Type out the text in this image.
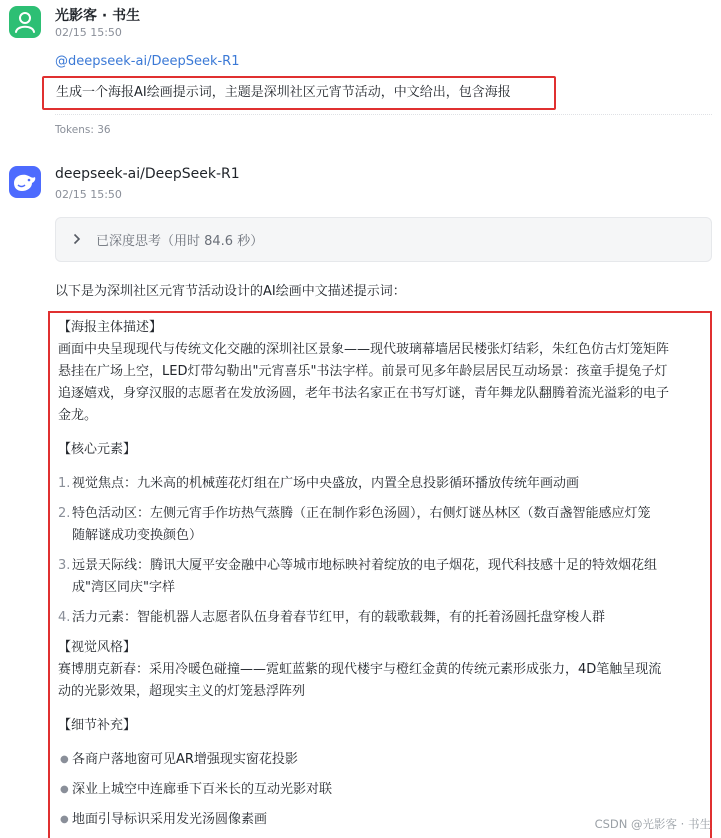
光影客 · 书生
02/15 15:50
@deepseek-ai/DeepSeek-R1
生成一个海报AI绘画提示词，主题是深圳社区元宵节活动，中文给出，包含海报
Tokens: 36
deepseek-ai/DeepSeek-R1
02/15 15:50
已深度思考（用时 84.6 秒）
以下是为深圳社区元宵节活动设计的AI绘画中文描述提示词：

【海报主体描述】

画面中央呈现现代与传统文化交融的深圳社区景象——现代玻璃幕墙居民楼张灯结彩，朱红色仿古灯笼矩阵

悬挂在广场上空，LED灯带勾勒出"元宵喜乐"书法字样。前景可见多年龄层居民互动场景：孩童手提兔子灯

追逐嬉戏，身穿汉服的志愿者在发放汤圆，老年书法名家正在书写灯谜，青年舞龙队翻腾着流光溢彩的电子

金龙。

【核心元素】

1. 视觉焦点：九米高的机械莲花灯组在广场中央盛放，内置全息投影循环播放传统年画动画

2. 特色活动区：左侧元宵手作坊热气蒸腾（正在制作彩色汤圆），右侧灯谜丛林区（数百盏智能感应灯笼

随解谜成功变换颜色）

3. 远景天际线：腾讯大厦平安金融中心等城市地标映衬着绽放的电子烟花，现代科技感十足的特效烟花组

成"湾区同庆"字样

4. 活力元素：智能机器人志愿者队伍身着春节红甲，有的载歌载舞，有的托着汤圆托盘穿梭人群

【视觉风格】

赛博朋克新春：采用冷暖色碰撞——霓虹蓝紫的现代楼宇与橙红金黄的传统元素形成张力，4D笔触呈现流

动的光影效果，超现实主义的灯笼悬浮阵列

【细节补充】

● 各商户落地窗可见AR增强现实窗花投影

● 深业上城空中连廊垂下百米长的互动光影对联

● 地面引导标识采用发光汤圆像素画	CSDN @光影客 · 书生
